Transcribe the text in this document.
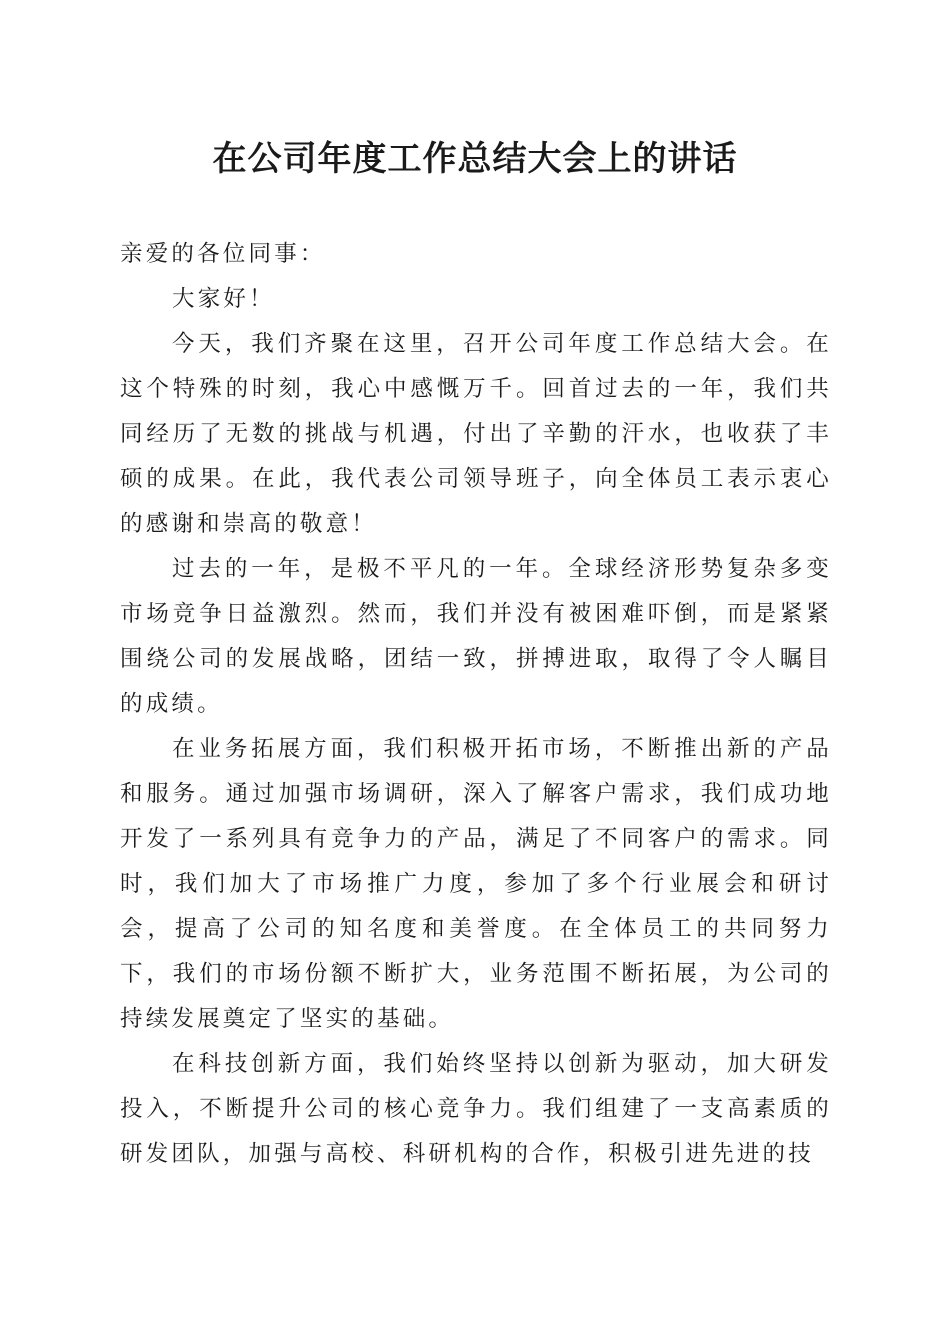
在公司年度工作总结大会上的讲话

亲爱的各位同事：

大家好！

今天，我们齐聚在这里，召开公司年度工作总结大会。在这个特殊的时刻，我心中感慨万千。回首过去的一年，我们共同经历了无数的挑战与机遇，付出了辛勤的汗水，也收获了丰硕的成果。在此，我代表公司领导班子，向全体员工表示衷心的感谢和崇高的敬意！

过去的一年，是极不平凡的一年。全球经济形势复杂多变市场竞争日益激烈。然而，我们并没有被困难吓倒，而是紧紧围绕公司的发展战略，团结一致，拼搏进取，取得了令人瞩目的成绩。

在业务拓展方面，我们积极开拓市场，不断推出新的产品和服务。通过加强市场调研，深入了解客户需求，我们成功地开发了一系列具有竞争力的产品，满足了不同客户的需求。同时，我们加大了市场推广力度，参加了多个行业展会和研讨会，提高了公司的知名度和美誉度。在全体员工的共同努力下，我们的市场份额不断扩大，业务范围不断拓展，为公司的持续发展奠定了坚实的基础。

在科技创新方面，我们始终坚持以创新为驱动，加大研发投入，不断提升公司的核心竞争力。我们组建了一支高素质的研发团队，加强与高校、科研机构的合作，积极引进先进的技
